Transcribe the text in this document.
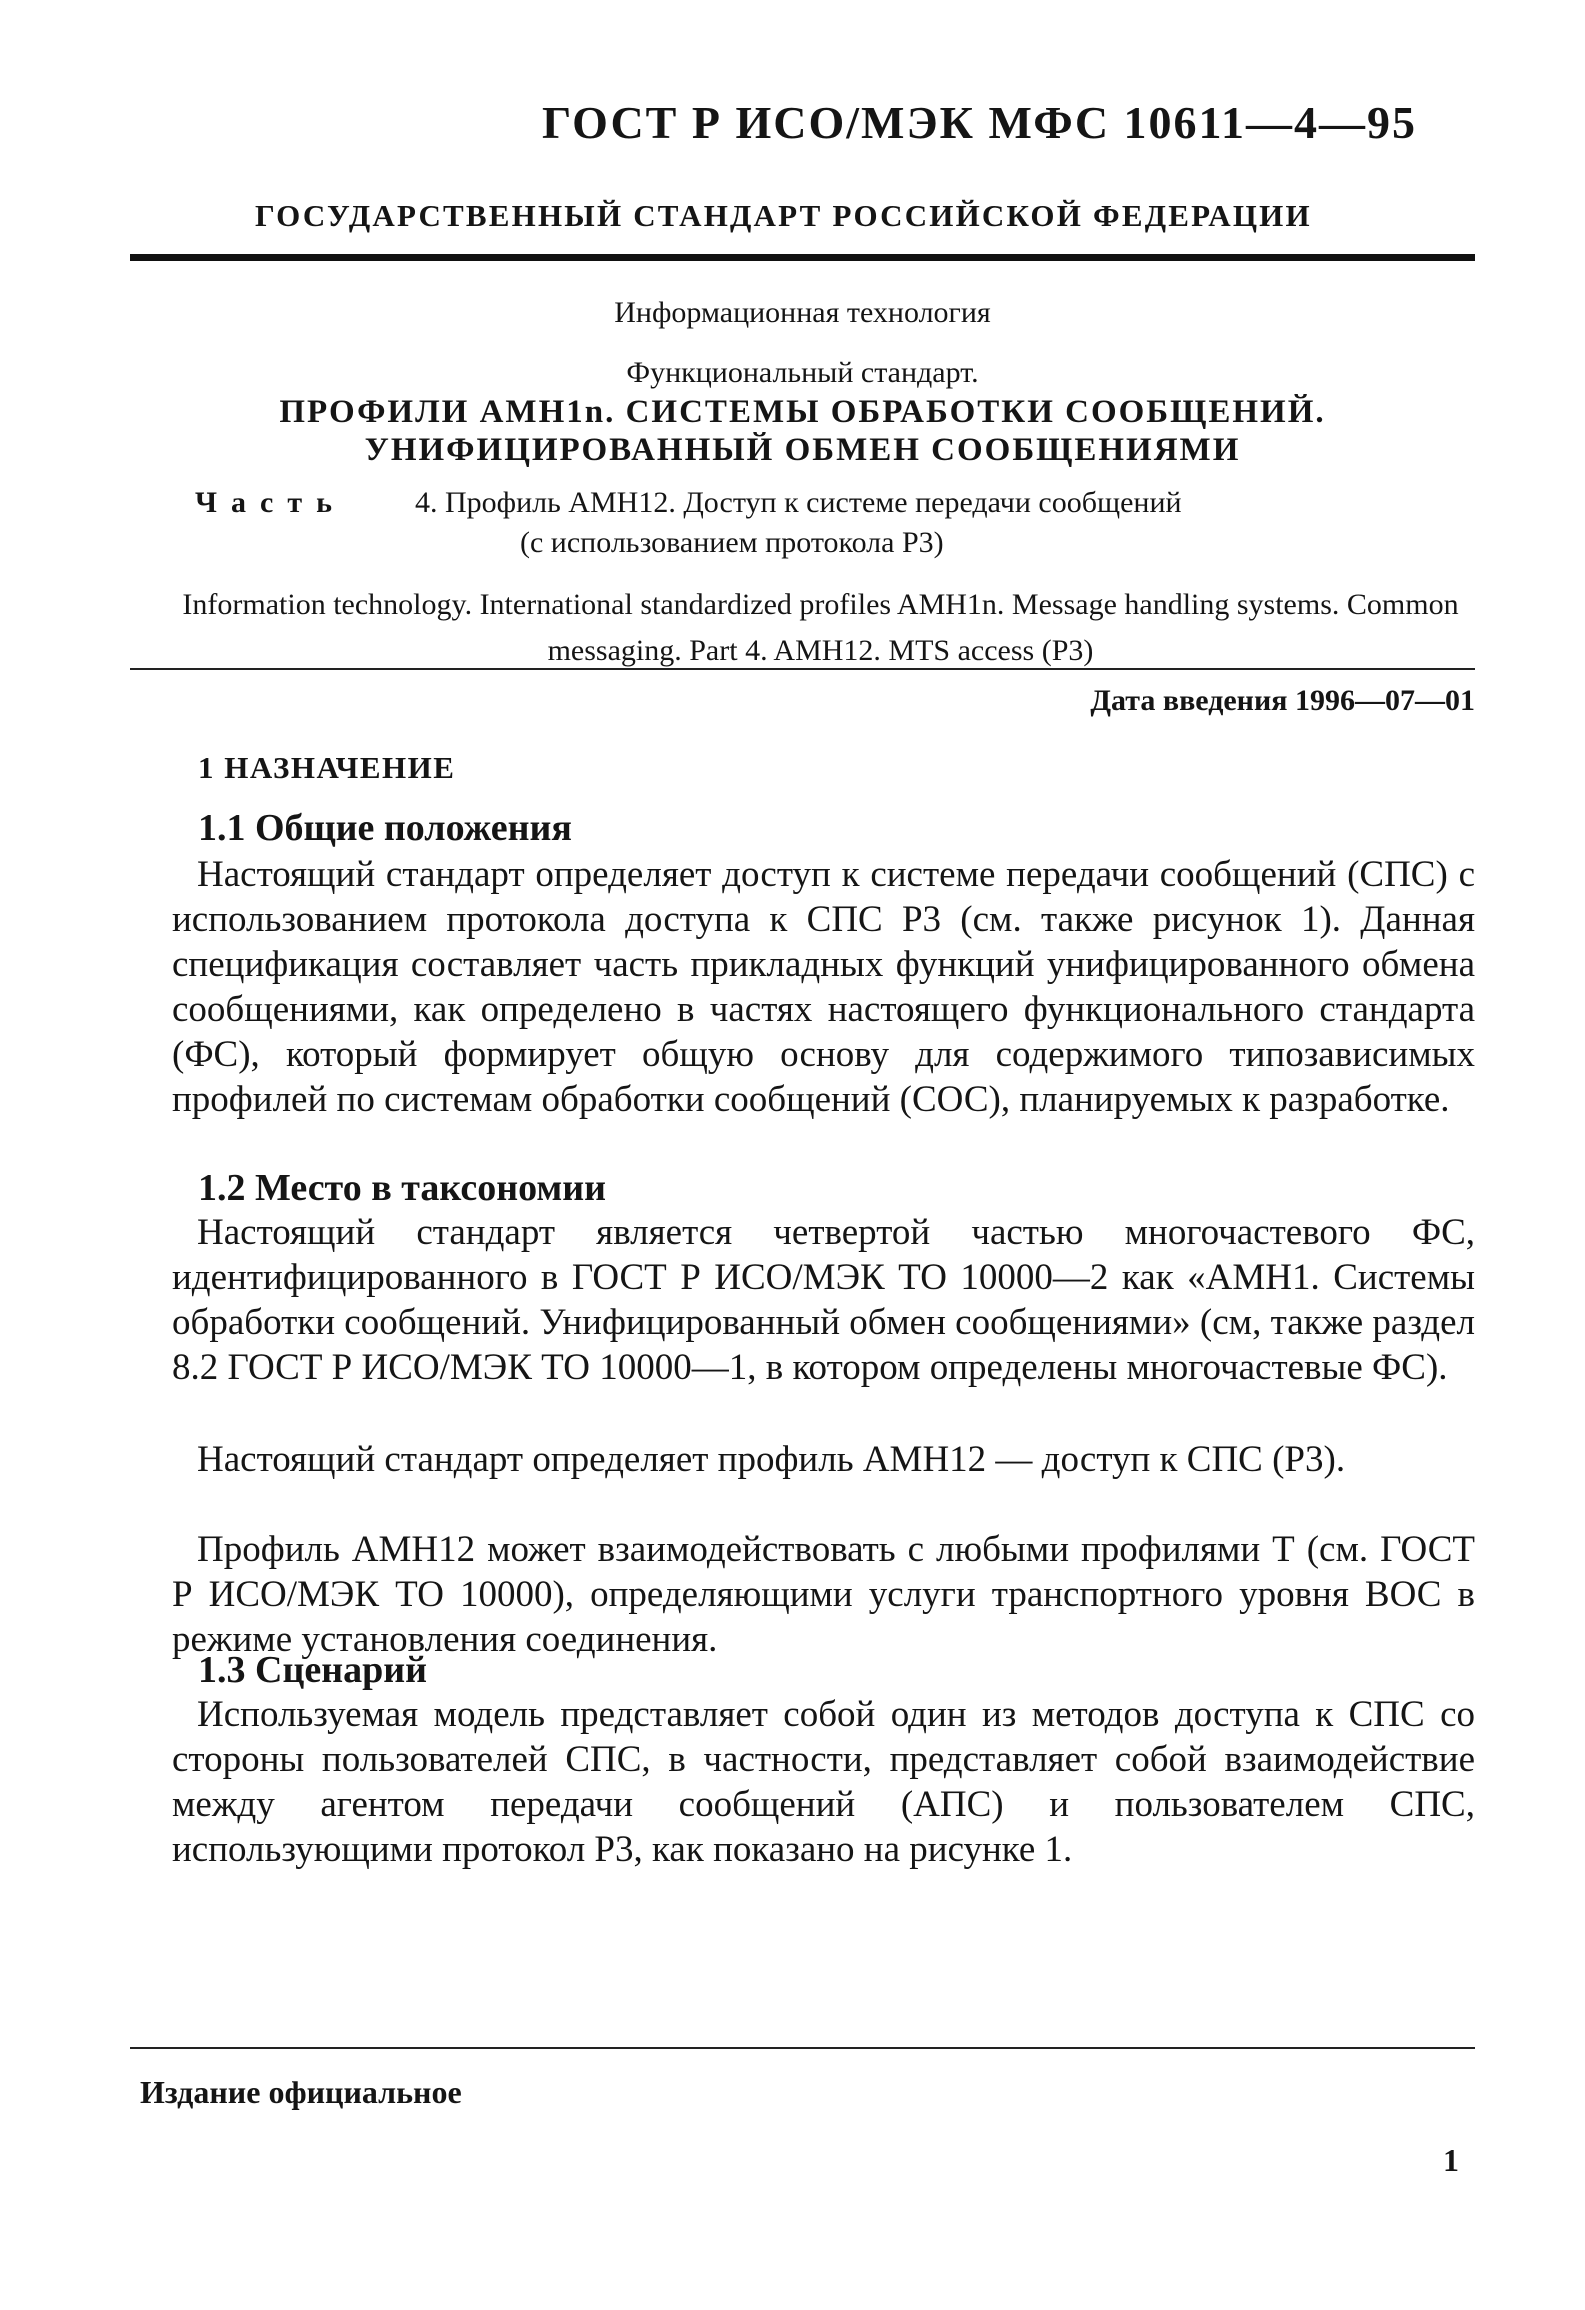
ГОСТ Р ИСО/МЭК МФС 10611—4—95
ГОСУДАРСТВЕННЫЙ СТАНДАРТ РОССИЙСКОЙ ФЕДЕРАЦИИ
Информационная технология
Функциональный стандарт.
ПРОФИЛИ АМН1n. СИСТЕМЫ ОБРАБОТКИ СООБЩЕНИЙ.
УНИФИЦИРОВАННЫЙ ОБМЕН СООБЩЕНИЯМИ
Часть 4. Профиль АМН12. Доступ к системе передачи сообщений
(с использованием протокола Р3)
Information technology. International standardized profiles AMH1n. Message handling systems. Common messaging. Part 4. AMH12. MTS access (P3)
Дата введения 1996—07—01
1 НАЗНАЧЕНИЕ
1.1 Общие положения
Настоящий стандарт определяет доступ к системе передачи сообщений (СПС) с использованием протокола доступа к СПС Р3 (см. также рисунок 1). Данная спецификация составляет часть прикладных функций унифицированного обмена сообщениями, как определено в частях настоящего функционального стандарта (ФС), который формирует общую основу для содержимого типозависимых профилей по системам обработки сообщений (СОС), планируемых к разработке.
1.2 Место в таксономии
Настоящий стандарт является четвертой частью многочастевого ФС, идентифицированного в ГОСТ Р ИСО/МЭК ТО 10000—2 как «АМН1. Системы обработки сообщений. Унифицированный обмен сообщениями» (см, также раздел 8.2 ГОСТ Р ИСО/МЭК ТО 10000—1, в котором определены многочастевые ФС).
Настоящий стандарт определяет профиль АМН12 — доступ к СПС (Р3).
Профиль АМН12 может взаимодействовать с любыми профилями Т (см. ГОСТ Р ИСО/МЭК ТО 10000), определяющими услуги транспортного уровня ВОС в режиме установления соединения.
1.3 Сценарий
Используемая модель представляет собой один из методов доступа к СПС со стороны пользователей СПС, в частности, представляет собой взаимодействие между агентом передачи сообщений (АПС) и пользователем СПС, использующими протокол Р3, как показано на рисунке 1.
Издание официальное
1
